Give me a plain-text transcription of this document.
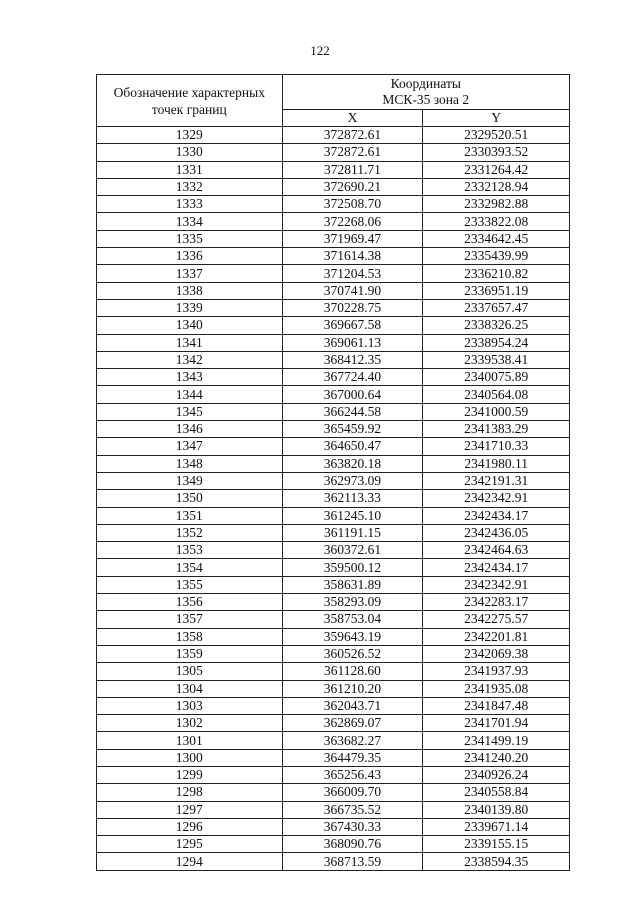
122
Обозначение характерных
точек границ	Координаты
МСК-35 зона 2	

	X	Y
1329	372872.61	2329520.51
1330	372872.61	2330393.52
1331	372811.71	2331264.42
1332	372690.21	2332128.94
1333	372508.70	2332982.88
1334	372268.06	2333822.08
1335	371969.47	2334642.45
1336	371614.38	2335439.99
1337	371204.53	2336210.82
1338	370741.90	2336951.19
1339	370228.75	2337657.47
1340	369667.58	2338326.25
1341	369061.13	2338954.24
1342	368412.35	2339538.41
1343	367724.40	2340075.89
1344	367000.64	2340564.08
1345	366244.58	2341000.59
1346	365459.92	2341383.29
1347	364650.47	2341710.33
1348	363820.18	2341980.11
1349	362973.09	2342191.31
1350	362113.33	2342342.91
1351	361245.10	2342434.17
1352	361191.15	2342436.05
1353	360372.61	2342464.63
1354	359500.12	2342434.17
1355	358631.89	2342342.91
1356	358293.09	2342283.17
1357	358753.04	2342275.57
1358	359643.19	2342201.81
1359	360526.52	2342069.38
1305	361128.60	2341937.93
1304	361210.20	2341935.08
1303	362043.71	2341847.48
1302	362869.07	2341701.94
1301	363682.27	2341499.19
1300	364479.35	2341240.20
1299	365256.43	2340926.24
1298	366009.70	2340558.84
1297	366735.52	2340139.80
1296	367430.33	2339671.14
1295	368090.76	2339155.15
1294	368713.59	2338594.35
